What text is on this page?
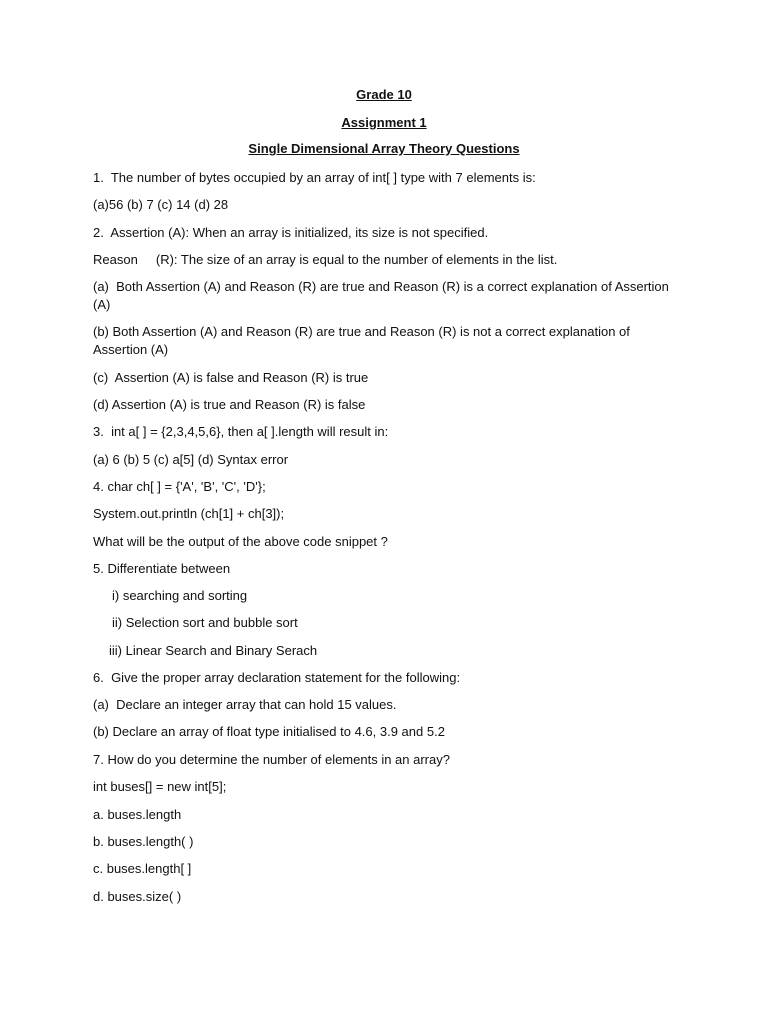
Grade 10
Assignment 1
Single Dimensional Array Theory Questions
1.  The number of bytes occupied by an array of int[ ] type with 7 elements is:
(a)56 (b) 7 (c) 14 (d) 28
2.  Assertion (A): When an array is initialized, its size is not specified.
Reason     (R): The size of an array is equal to the number of elements in the list.
(a)  Both Assertion (A) and Reason (R) are true and Reason (R) is a correct explanation of Assertion (A)
(b) Both Assertion (A) and Reason (R) are true and Reason (R) is not a correct explanation of Assertion (A)
(c)  Assertion (A) is false and Reason (R) is true
(d) Assertion (A) is true and Reason (R) is false
3.  int a[ ] = {2,3,4,5,6}, then a[ ].length will result in:
(a) 6 (b) 5 (c) a[5] (d) Syntax error
4. char ch[ ] = {'A', 'B', 'C', 'D'};
System.out.println (ch[1] + ch[3]);
What will be the output of the above code snippet ?
5. Differentiate between
i) searching and sorting
ii) Selection sort and bubble sort
iii) Linear Search and Binary Serach
6.  Give the proper array declaration statement for the following:
(a)  Declare an integer array that can hold 15 values.
(b) Declare an array of float type initialised to 4.6, 3.9 and 5.2
7. How do you determine the number of elements in an array?
int buses[] = new int[5];
a. buses.length
b. buses.length( )
c. buses.length[ ]
d. buses.size( )
